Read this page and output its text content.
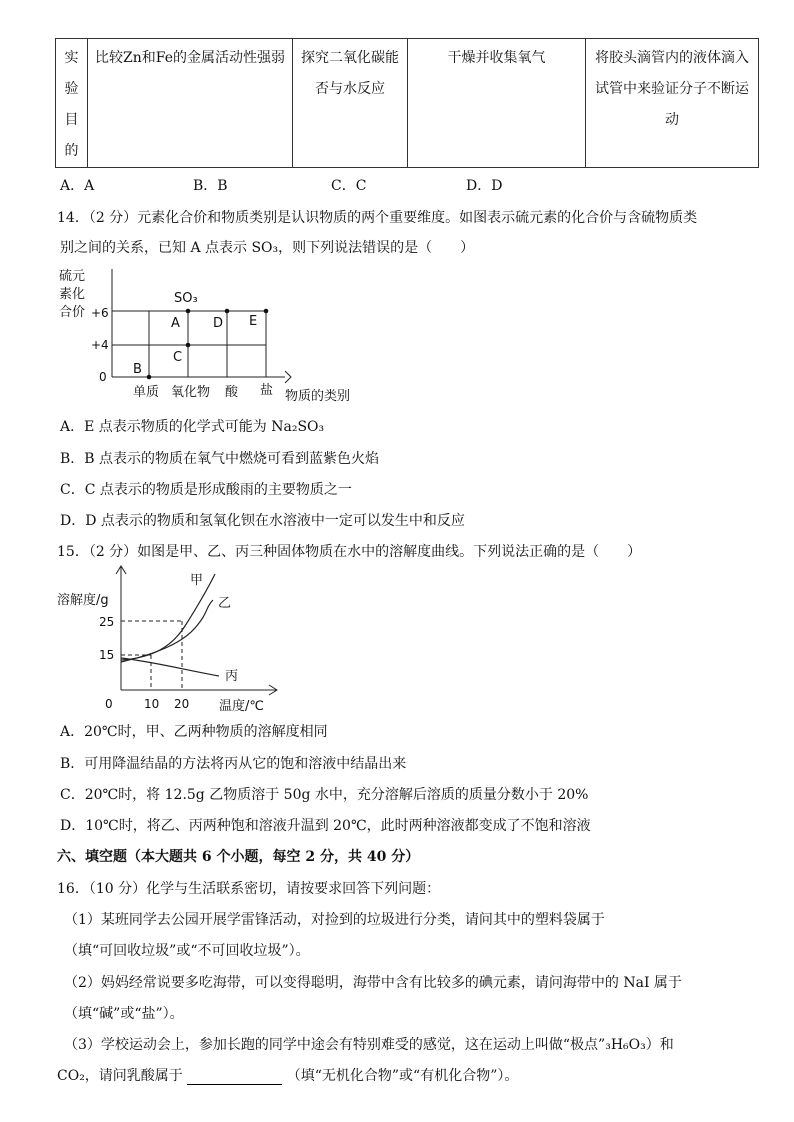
实
验
目
的
	比较Zn和Fe的金属活动性强弱	探究二氧化碳能否与水反应	干燥并收集氧气	将胶头滴管内的液体滴入试管中来验证分子不断运动
A．A	B．B	C．C	D．D
14．（2 分）元素化合价和物质类别是认识物质的两个重要维度。如图表示硫元素的化合价与含硫物质类
别之间的关系，已知 A 点表示 SO₃，则下列说法错误的是（　　）
硫元
素化
合价 +6
+4
0
SO₃
A
B
C
D E
单质 氧化物 酸 盐 物质的类别
A．E 点表示物质的化学式可能为 Na₂SO₃
B．B 点表示的物质在氧气中燃烧可看到蓝紫色火焰
C．C 点表示的物质是形成酸雨的主要物质之一
D．D 点表示的物质和氢氧化钡在水溶液中一定可以发生中和反应
15．（2 分）如图是甲、乙、丙三种固体物质在水中的溶解度曲线。下列说法正确的是（　　）
溶解度/g
25
15
0	10 20 温度/℃
甲
乙
丙
A．20℃时，甲、乙两种物质的溶解度相同
B．可用降温结晶的方法将丙从它的饱和溶液中结晶出来
C．20℃时，将 12.5g 乙物质溶于 50g 水中，充分溶解后溶质的质量分数小于 20%
D．10℃时，将乙、丙两种饱和溶液升温到 20℃，此时两种溶液都变成了不饱和溶液
六、填空题（本大题共 6 个小题，每空 2 分，共 40 分）
16．（10 分）化学与生活联系密切，请按要求回答下列问题：
（1）某班同学去公园开展学雷锋活动，对捡到的垃圾进行分类，请问其中的塑料袋属于
（填“可回收垃圾”或“不可回收垃圾”）。
（2）妈妈经常说要多吃海带，可以变得聪明，海带中含有比较多的碘元素，请问海带中的 NaI 属于
（填“碱”或“盐”）。
（3）学校运动会上，参加长跑的同学中途会有特别难受的感觉，这在运动上叫做“极点”₃H₆O₃）和
CO₂，请问乳酸属于	（填“无机化合物”或“有机化合物”）。
